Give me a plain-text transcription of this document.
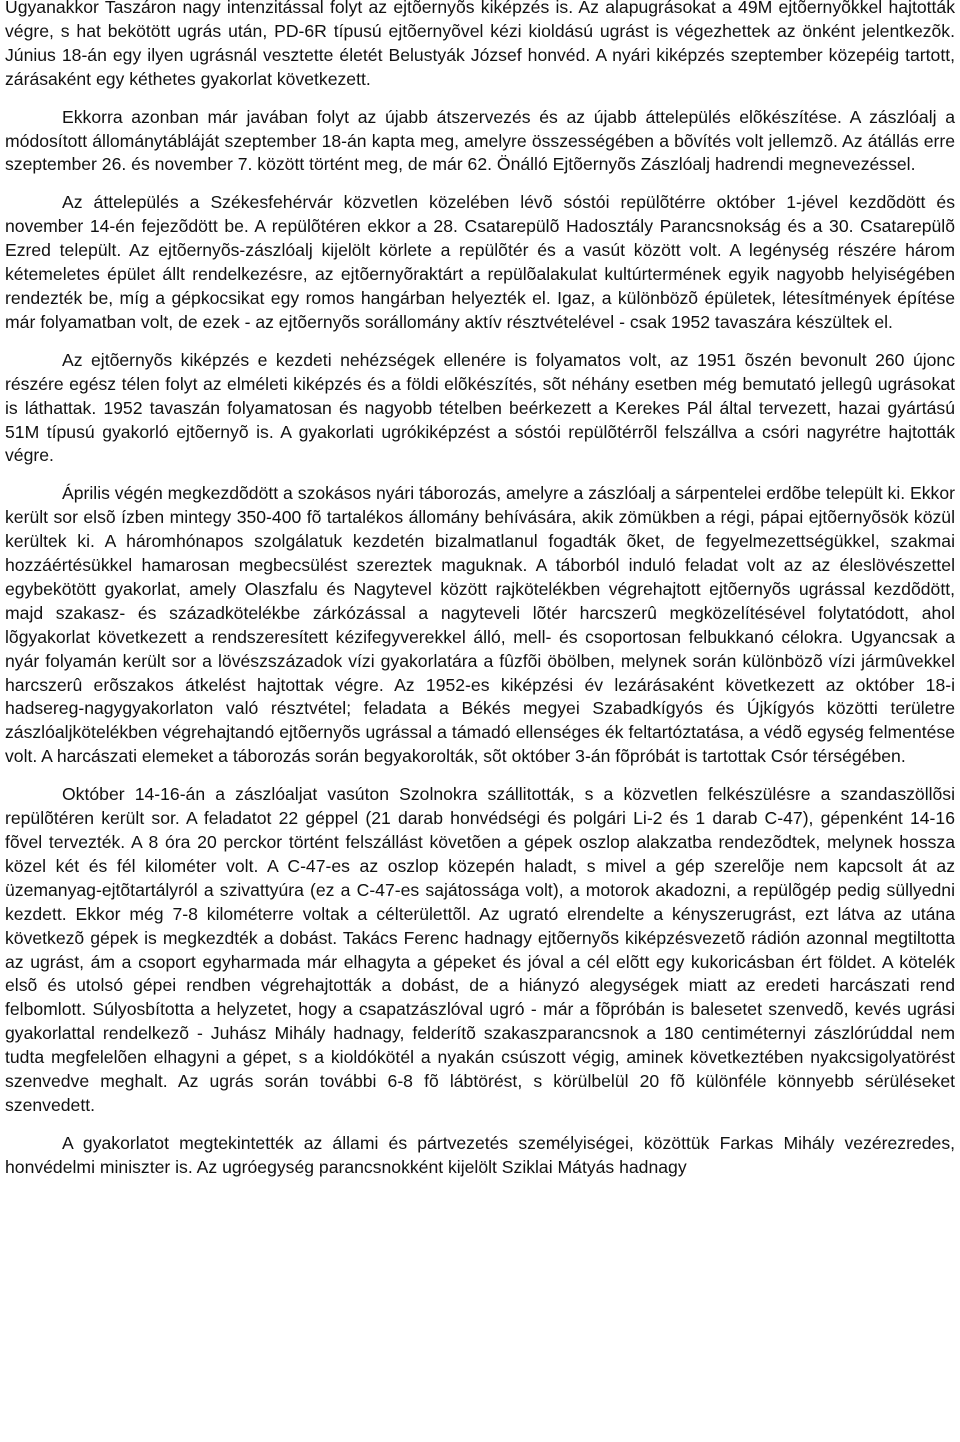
Ugyanakkor Taszáron nagy intenzitással folyt az ejtõernyõs kiképzés is. Az alapugrásokat a 49M ejtõernyõkkel hajtották végre, s hat bekötött ugrás után, PD-6R típusú ejtõernyõvel kézi kioldású ugrást is végezhettek az önként jelentkezõk. Június 18-án egy ilyen ugrásnál vesztette életét Belustyák József honvéd. A nyári kiképzés szeptember közepéig tartott, zárásaként egy kéthetes gyakorlat következett.

Ekkorra azonban már javában folyt az újabb átszervezés és az újabb áttelepülés elõkészítése. A zászlóalj a módosított állománytábláját szeptember 18-án kapta meg, amelyre összességében a bõvítés volt jellemzõ. Az átállás erre szeptember 26. és november 7. között történt meg, de már 62. Önálló Ejtõernyõs Zászlóalj hadrendi megnevezéssel.

Az áttelepülés a Székesfehérvár közvetlen közelében lévõ sóstói repülõtérre október 1-jével kezdõdött és november 14-én fejezõdött be. A repülõtéren ekkor a 28. Csatarepülõ Hadosztály Parancsnokság és a 30. Csatarepülõ Ezred települt. Az ejtõernyõs-zászlóalj kijelölt körlete a repülõtér és a vasút között volt. A legénység részére három kétemeletes épület állt rendelkezésre, az ejtõernyõraktárt a repülõalakulat kultúrtermének egyik nagyobb helyiségében rendezték be, míg a gépkocsikat egy romos hangárban helyezték el. Igaz, a különbözõ épületek, létesítmények építése már folyamatban volt, de ezek - az ejtõernyõs sorállomány aktív résztvételével - csak 1952 tavaszára készültek el.

Az ejtõernyõs kiképzés e kezdeti nehézségek ellenére is folyamatos volt, az 1951 õszén bevonult 260 újonc részére egész télen folyt az elméleti kiképzés és a földi elõkészítés, sõt néhány esetben még bemutató jellegû ugrásokat is láthattak. 1952 tavaszán folyamatosan és nagyobb tételben beérkezett a Kerekes Pál által tervezett, hazai gyártású 51M típusú gyakorló ejtõernyõ is. A gyakorlati ugrókiképzést a sóstói repülõtérrõl felszállva a csóri nagyrétre hajtották végre.

Április végén megkezdõdött a szokásos nyári táborozás, amelyre a zászlóalj a sárpentelei erdõbe települt ki. Ekkor került sor elsõ ízben mintegy 350-400 fõ tartalékos állomány behívására, akik zömükben a régi, pápai ejtõernyõsök közül kerültek ki. A háromhónapos szolgálatuk kezdetén bizalmatlanul fogadták õket, de fegyelmezettségükkel, szakmai hozzáértésükkel hamarosan megbecsülést szereztek maguknak. A táborból induló feladat volt az az éleslövészettel egybekötött gyakorlat, amely Olaszfalu és Nagytevel között rajkötelékben végrehajtott ejtõernyõs ugrással kezdõdött, majd szakasz- és századkötelékbe zárkózással a nagyteveli lõtér harcszerû megközelítésével folytatódott, ahol lõgyakorlat következett a rendszeresített kézifegyverekkel álló, mell- és csoportosan felbukkanó célokra. Ugyancsak a nyár folyamán került sor a lövészszázadok vízi gyakorlatára a fûzfõi öbölben, melynek során különbözõ vízi jármûvekkel harcszerû erõszakos átkelést hajtottak végre. Az 1952-es kiképzési év lezárásaként következett az október 18-i hadsereg-nagygyakorlaton való résztvétel; feladata a Békés megyei Szabadkígyós és Újkígyós közötti területre zászlóaljkötelékben végrehajtandó ejtõernyõs ugrással a támadó ellenséges ék feltartóztatása, a védõ egység felmentése volt. A harcászati elemeket a táborozás során begyakorolták, sõt október 3-án fõpróbát is tartottak Csór térségében.

Október 14-16-án a zászlóaljat vasúton Szolnokra szállitották, s a közvetlen felkészülésre a szandaszöllõsi repülõtéren került sor. A feladatot 22 géppel (21 darab honvédségi és polgári Li-2 és 1 darab C-47), gépenként 14-16 fõvel tervezték. A 8 óra 20 perckor történt felszállást követõen a gépek oszlop alakzatba rendezõdtek, melynek hossza közel két és fél kilométer volt. A C-47-es az oszlop közepén haladt, s mivel a gép szerelõje nem kapcsolt át az üzemanyag-ejtõtartályról a szivattyúra (ez a C-47-es sajátossága volt), a motorok akadozni, a repülõgép pedig süllyedni kezdett. Ekkor még 7-8 kilométerre voltak a célterülettõl. Az ugrató elrendelte a kényszerugrást, ezt látva az utána következõ gépek is megkezdték a dobást. Takács Ferenc hadnagy ejtõernyõs kiképzésvezetõ rádión azonnal megtiltotta az ugrást, ám a csoport egyharmada már elhagyta a gépeket és jóval a cél elõtt egy kukoricásban ért földet. A kötelék elsõ és utolsó gépei rendben végrehajtották a dobást, de a hiányzó alegységek miatt az eredeti harcászati rend felbomlott. Súlyosbította a helyzetet, hogy a csapatzászlóval ugró - már a fõpróbán is balesetet szenvedõ, kevés ugrási gyakorlattal rendelkezõ - Juhász Mihály hadnagy, felderítõ szakaszparancsnok a 180 centiméternyi zászlórúddal nem tudta megfelelõen elhagyni a gépet, s a kioldókötél a nyakán csúszott végig, aminek következtében nyakcsigolyatörést szenvedve meghalt. Az ugrás során további 6-8 fõ lábtörést, s körülbelül 20 fõ különféle könnyebb sérüléseket szenvedett.

A gyakorlatot megtekintették az állami és pártvezetés személyiségei, közöttük Farkas Mihály vezérezredes, honvédelmi miniszter is. Az ugróegység parancsnokként kijelölt Sziklai Mátyás hadnagy
